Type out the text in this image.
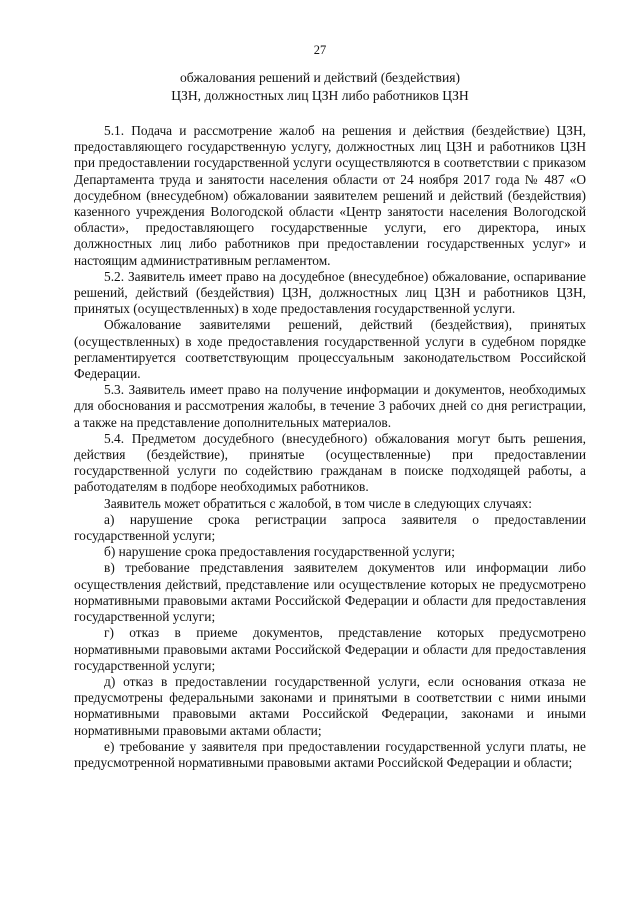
27
обжалования решений и действий (бездействия)
ЦЗН, должностных лиц ЦЗН либо работников ЦЗН

5.1. Подача и рассмотрение жалоб на решения и действия (бездействие) ЦЗН, предоставляющего государственную услугу, должностных лиц ЦЗН и работников ЦЗН при предоставлении государственной услуги осуществляются в соответствии с приказом Департамента труда и занятости населения области от 24 ноября 2017 года № 487 «О досудебном (внесудебном) обжаловании заявителем решений и действий (бездействия) казенного учреждения Вологодской области «Центр занятости населения Вологодской области», предоставляющего государственные услуги, его директора, иных должностных лиц либо работников при предоставлении государственных услуг» и настоящим административным регламентом.

5.2. Заявитель имеет право на досудебное (внесудебное) обжалование, оспаривание решений, действий (бездействия) ЦЗН, должностных лиц ЦЗН и работников ЦЗН, принятых (осуществленных) в ходе предоставления государственной услуги.

Обжалование заявителями решений, действий (бездействия), принятых (осуществленных) в ходе предоставления государственной услуги в судебном порядке регламентируется соответствующим процессуальным законодательством Российской Федерации.

5.3. Заявитель имеет право на получение информации и документов, необходимых для обоснования и рассмотрения жалобы, в течение 3 рабочих дней со дня регистрации, а также на представление дополнительных материалов.

5.4. Предметом досудебного (внесудебного) обжалования могут быть решения, действия (бездействие), принятые (осуществленные) при предоставлении государственной услуги по содействию гражданам в поиске подходящей работы, а работодателям в подборе необходимых работников.

Заявитель может обратиться с жалобой, в том числе в следующих случаях:

а) нарушение срока регистрации запроса заявителя о предоставлении государственной услуги;

б) нарушение срока предоставления государственной услуги;

в) требование представления заявителем документов или информации либо осуществления действий, представление или осуществление которых не предусмотрено нормативными правовыми актами Российской Федерации и области для предоставления государственной услуги;

г) отказ в приеме документов, представление которых предусмотрено нормативными правовыми актами Российской Федерации и области для предоставления государственной услуги;

д) отказ в предоставлении государственной услуги, если основания отказа не предусмотрены федеральными законами и принятыми в соответствии с ними иными нормативными правовыми актами Российской Федерации, законами и иными нормативными правовыми актами области;

е) требование у заявителя при предоставлении государственной услуги платы, не предусмотренной нормативными правовыми актами Российской Федерации и области;
